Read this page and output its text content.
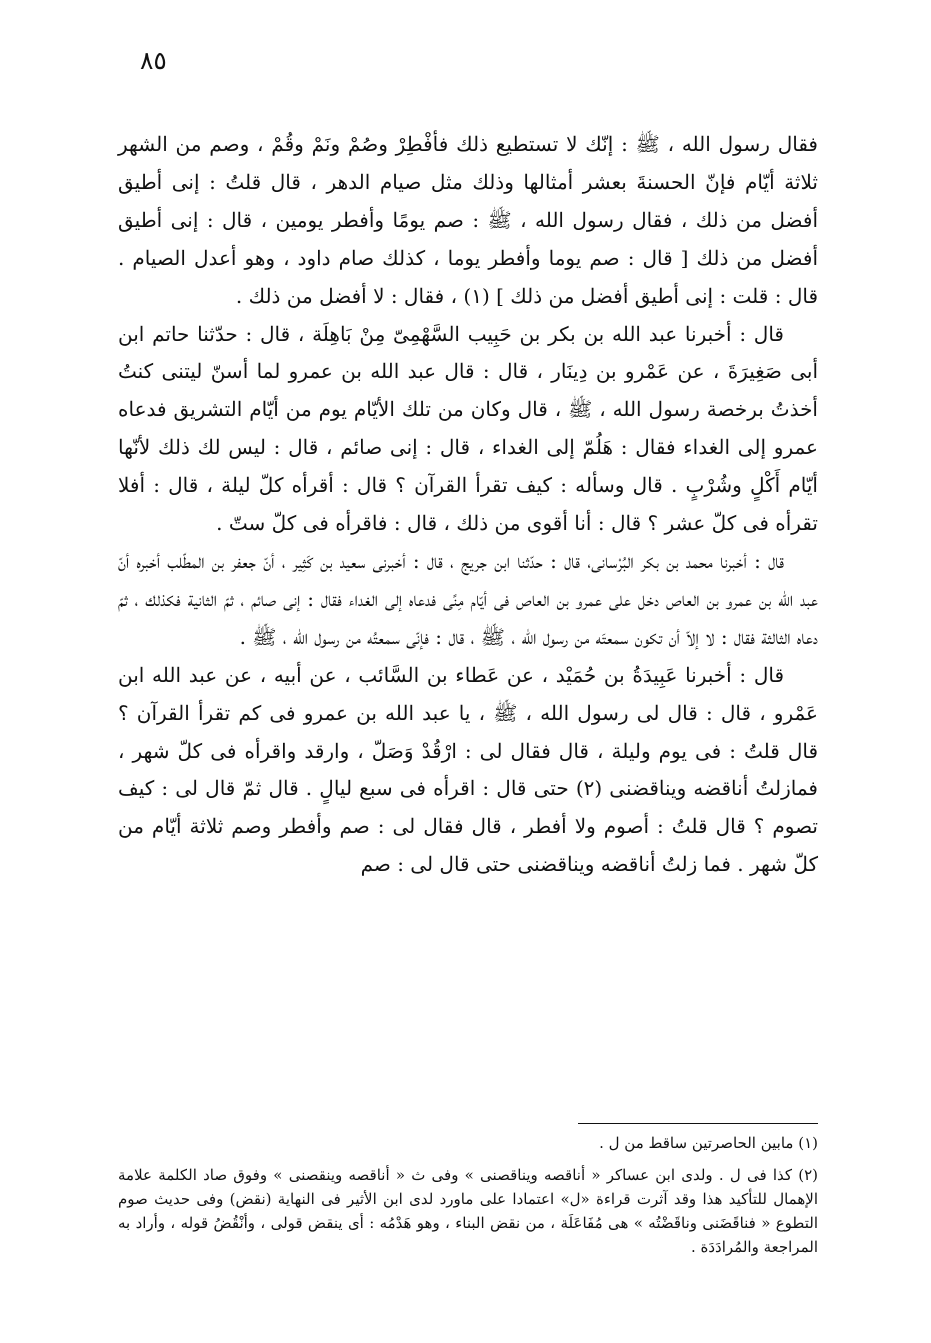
٨٥

فقال رسول الله ، ﷺ : إنّك لا تستطيع ذلك فأفْطِرْ وصُمْ ونَمْ وقُمْ ، وصم من الشهر ثلاثة أيّام فإنّ الحسنةَ بعشر أمثالها وذلك مثل صيام الدهر ، قال قلتُ : إنى أطيق أفضل من ذلك ، فقال رسول الله ، ﷺ : صم يومًا وأفطر يومين ، قال : إنى أطيق أفضل من ذلك [ قال : صم يوما وأفطر يوما ، كذلك صام داود ، وهو أعدل الصيام . قال : قلت : إنى أطيق أفضل من ذلك ] (١) ، فقال : لا أفضل من ذلك .

قال : أخبرنا عبد الله بن بكر بن حَبِيب السَّهْمِىّ مِنْ بَاهِلَة ، قال : حدّثنا حاتم ابن أبى صَغِيرَةَ ، عن عَمْرو بن دِينَار ، قال : قال عبد الله بن عمرو لما أسنّ ليتنى كنتُ أخذتُ برخصة رسول الله ، ﷺ ، قال وكان من تلك الأيّام يوم من أيّام التشريق فدعاه عمرو إلى الغداء فقال : هَلُمّ إلى الغداء ، قال : إنى صائم ، قال : ليس لك ذلك لأنّها أيّام أَكْلٍ وشُرْبٍ . قال وسأله : كيف تقرأ القرآن ؟ قال : أقرأه كلّ ليلة ، قال : أفلا تقرأه فى كلّ عشر ؟ قال : أنا أقوى من ذلك ، قال : فاقرأه فى كلّ ستّ .

قال : أخبرنا محمد بن بكر البُرْسانى، قال : حدّثنا ابن جريج ، قال : أخبرنى سعيد بن كَثِير ، أنّ جعفر بن المطّلب أخبره أنّ عبد الله بن عمرو بن العاص دخل على عمرو بن العاص فى أيّام مِنًى فدعاه إلى الغداء فقال : إنى صائم ، ثمّ الثانية فكذلك ، ثمّ دعاه الثالثة فقال : لا إلاّ أن تكون سمعتَه من رسول الله ، ﷺ ، قال : فإنّى سمعتُه من رسول الله ، ﷺ .

قال : أخبرنا عَبِيدَةُ بن حُمَيْد ، عن عَطاء بن السَّائب ، عن أبيه ، عن عبد الله ابن عَمْرو ، قال : قال لى رسول الله ، ﷺ ، يا عبد الله بن عمرو فى كم تقرأ القرآن ؟ قال قلتُ : فى يوم وليلة ، قال فقال لى : ارْقُدْ وَصَلّ ، وارقد واقرأه فى كلّ شهر ، فمازلتُ أناقضه ويناقضنى (٢) حتى قال : اقرأه فى سبع ليالٍ . قال ثمّ قال لى : كيف تصوم ؟ قال قلتُ : أصوم ولا أفطر ، قال فقال لى : صم وأفطر وصم ثلاثة أيّام من كلّ شهر . فما زلتُ أناقضه ويناقضنى حتى قال لى : صم

(١) مابين الحاصرتين ساقط من ل .

(٢) كذا فى ل . ولدى ابن عساكر « أناقصه ويناقصنى » وفى ث « أناقصه وينقصنى » وفوق صاد الكلمة علامة الإهمال للتأكيد هذا وقد آثرت قراءة «ل» اعتمادا على ماورد لدى ابن الأثير فى النهاية (نقض) وفى حديث صوم التطوع « فناقَضَنى وناقَضْتُه » هى مُفَاعَلَة ، من نقض البناء ، وهو هَدْمُه : أى ينقض قولى ، وأنْقُضُ قوله ، وأراد به المراجعة والمُرادَدَة .
